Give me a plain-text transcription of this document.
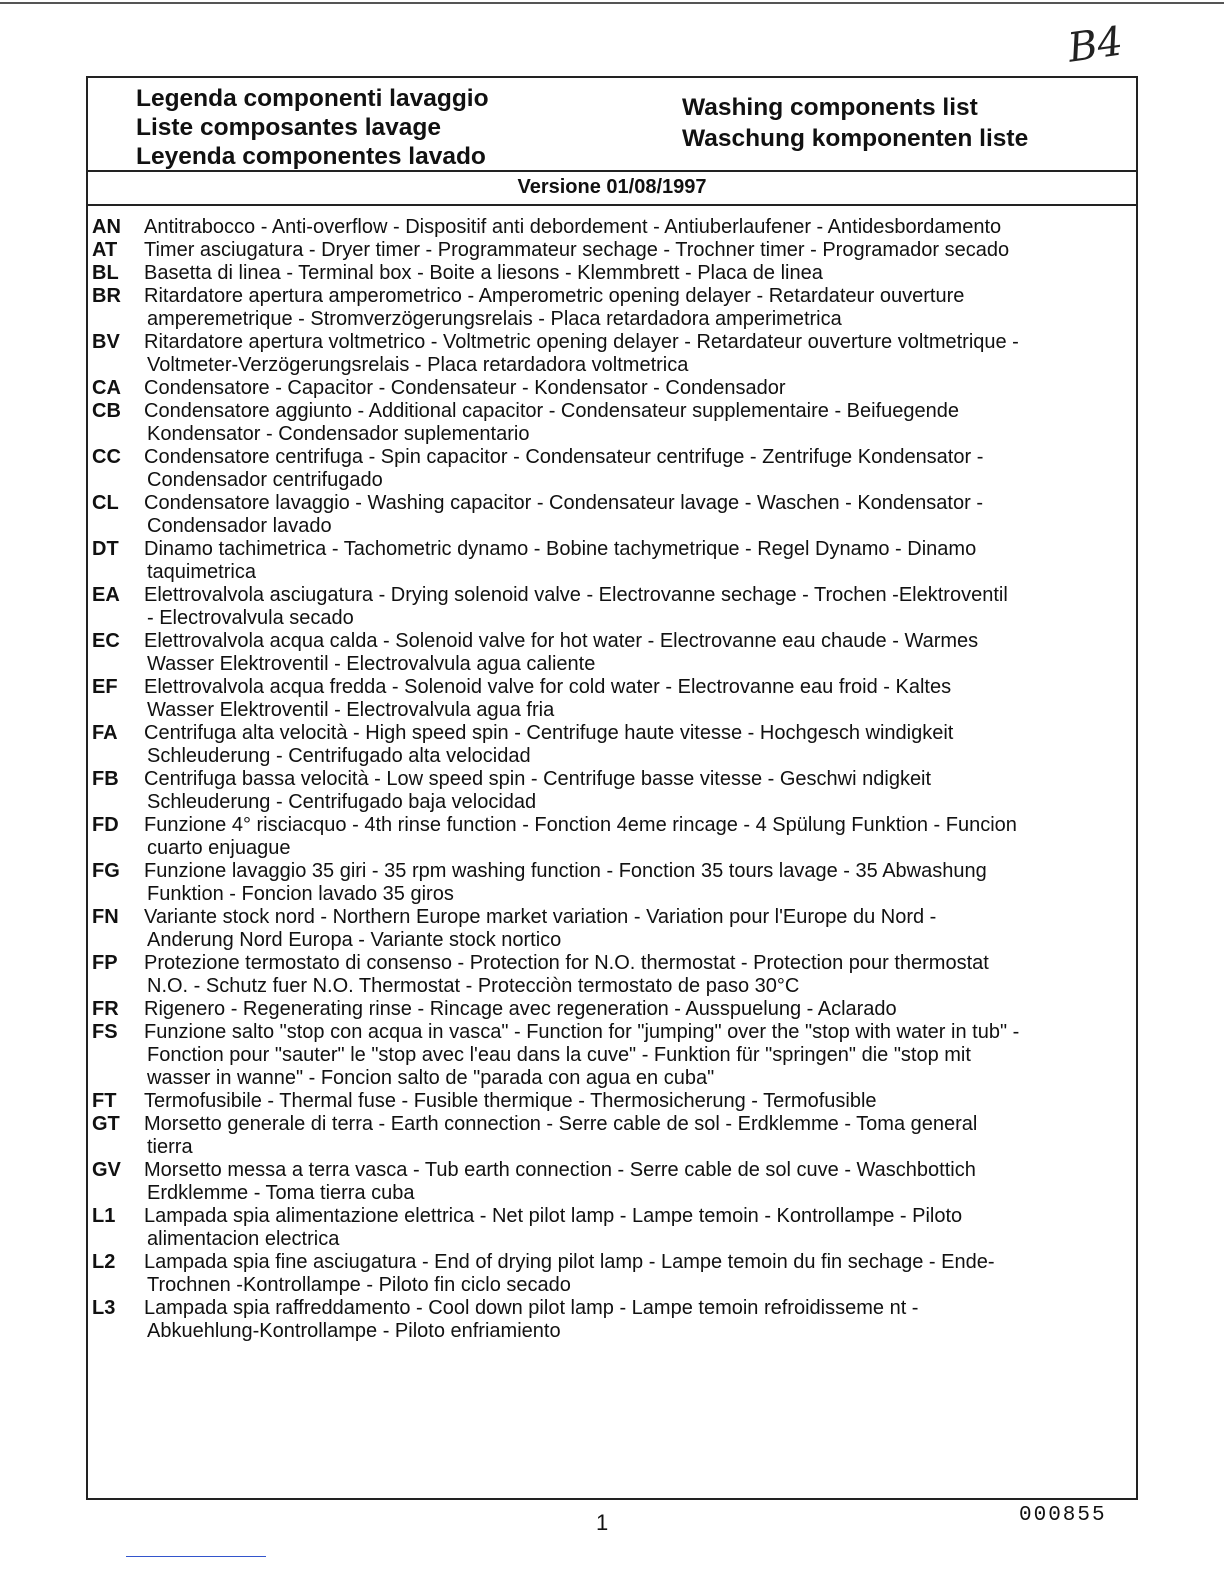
B4
Legenda componenti lavaggio
Liste composantes lavage
Leyenda componentes lavado
Washing components list
Waschung komponenten liste
Versione 01/08/1997
AN	Antitrabocco - Anti-overflow - Dispositif anti debordement - Antiuberlaufener - Antidesbordamento
AT	Timer asciugatura - Dryer timer - Programmateur sechage - Trochner timer - Programador secado
BL	Basetta di linea - Terminal box - Boite a liesons - Klemmbrett - Placa de linea
BR	Ritardatore apertura amperometrico - Amperometric opening delayer - Retardateur ouverture
amperemetrique - Stromverzögerungsrelais - Placa retardadora amperimetrica
BV	Ritardatore apertura voltmetrico - Voltmetric opening delayer - Retardateur ouverture voltmetrique -
Voltmeter-Verzögerungsrelais - Placa retardadora voltmetrica
CA	Condensatore - Capacitor - Condensateur - Kondensator - Condensador
CB	Condensatore aggiunto - Additional capacitor - Condensateur supplementaire - Beifuegende
Kondensator - Condensador suplementario
CC	Condensatore centrifuga - Spin capacitor - Condensateur centrifuge - Zentrifuge Kondensator -
Condensador centrifugado
CL	Condensatore lavaggio - Washing capacitor - Condensateur lavage - Waschen - Kondensator -
Condensador lavado
DT	Dinamo tachimetrica - Tachometric dynamo - Bobine tachymetrique - Regel Dynamo - Dinamo
taquimetrica
EA	Elettrovalvola asciugatura - Drying solenoid valve - Electrovanne sechage - Trochen -Elektroventil
- Electrovalvula secado
EC	Elettrovalvola acqua calda - Solenoid valve for hot water - Electrovanne eau chaude - Warmes
Wasser Elektroventil - Electrovalvula agua caliente
EF	Elettrovalvola acqua fredda - Solenoid valve for cold water - Electrovanne eau froid - Kaltes
Wasser Elektroventil - Electrovalvula agua fria
FA	Centrifuga alta velocità - High speed spin - Centrifuge haute vitesse - Hochgesch windigkeit
Schleuderung - Centrifugado alta velocidad
FB	Centrifuga bassa velocità - Low speed spin - Centrifuge basse vitesse - Geschwi ndigkeit
Schleuderung - Centrifugado baja velocidad
FD	Funzione 4° risciacquo - 4th rinse function - Fonction 4eme rincage - 4 Spülung Funktion - Funcion
cuarto enjuague
FG	Funzione lavaggio 35 giri - 35 rpm washing function - Fonction 35 tours lavage - 35 Abwashung
Funktion - Foncion lavado 35 giros
FN	Variante stock nord - Northern Europe market variation - Variation pour l'Europe du Nord -
Anderung Nord Europa - Variante stock nortico
FP	Protezione termostato di consenso - Protection for N.O. thermostat - Protection pour thermostat
N.O. - Schutz fuer N.O. Thermostat - Protecciòn termostato de paso 30°C
FR	Rigenero - Regenerating rinse - Rincage avec regeneration - Ausspuelung - Aclarado
FS	Funzione salto "stop con acqua in vasca" - Function for "jumping" over the "stop with water in tub" -
Fonction pour "sauter" le "stop avec l'eau dans la cuve" - Funktion für "springen" die "stop mit
wasser in wanne" - Foncion salto de "parada con agua en cuba"
FT	Termofusibile - Thermal fuse - Fusible thermique - Thermosicherung - Termofusible
GT	Morsetto generale di terra - Earth connection - Serre cable de sol - Erdklemme - Toma general
tierra
GV	Morsetto messa a terra vasca - Tub earth connection - Serre cable de sol cuve - Waschbottich
Erdklemme - Toma tierra cuba
L1	Lampada spia alimentazione elettrica - Net pilot lamp - Lampe temoin - Kontrollampe - Piloto
alimentacion electrica
L2	Lampada spia fine asciugatura - End of drying pilot lamp - Lampe temoin du fin sechage - Ende-
Trochnen -Kontrollampe - Piloto fin ciclo secado
L3	Lampada spia raffreddamento - Cool down pilot lamp - Lampe temoin refroidisseme nt -
Abkuehlung-Kontrollampe - Piloto enfriamiento
1	000855
